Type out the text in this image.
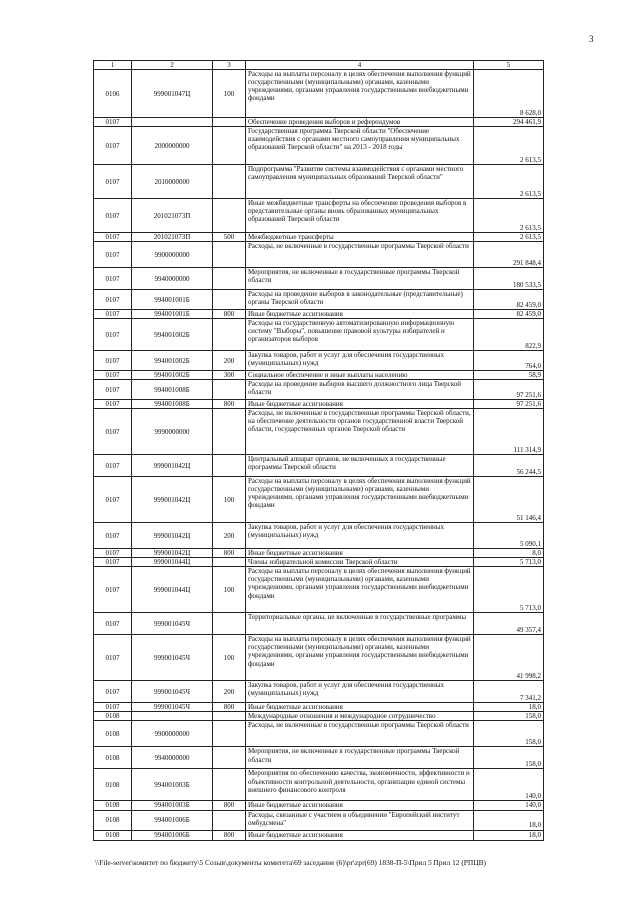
3
1	2	3	4	5
0106	999001047Ц	100	Расходы на выплаты персоналу в целях обеспечения выполнения функций государственными (муниципальными) органами, казенными учреждениями, органами управления государственными внебюджетными фондами	8 628,0
0107			Обеспечение проведения выборов и референдумов	294 461,9
0107	2000000000		Государственная программа Тверской области "Обеспечение взаимодействия с органами местного самоуправления муниципальных образований Тверской области" на 2013 - 2018 годы	2 613,5
0107	2010000000		Подпрограмма "Развитие системы взаимодействия с органами местного самоуправления муниципальных образований Тверской области"	2 613,5
0107	201021073П		Иные межбюджетные трансферты на обеспечение проведения выборов в представительные органы вновь образованных муниципальных образований Тверской области	2 613,5
0107	201021073П	500	Межбюджетные трансферты	2 613,5
0107	9900000000		Расходы, не включенные в государственные программы Тверской области	291 848,4
0107	9940000000		Мероприятия, не включенные в государственные программы Тверской области	180 533,5
0107	994001001Б		Расходы на проведение выборов в законодательные (представительные) органы Тверской области	82 459,0
0107	994001001Б	800	Иные бюджетные ассигнования	82 459,0
0107	994001002Б		Расходы на государственную автоматизированную информационную систему "Выборы", повышение правовой культуры избирателей и организаторов выборов	822,9
0107	994001002Б	200	Закупка товаров, работ и услуг для обеспечения государственных (муниципальных) нужд	764,0
0107	994001002Б	300	Социальное обеспечение и иные выплаты населению	58,9
0107	994001008Б		Расходы на проведение выборов высшего должностного лица Тверской области	97 251,6
0107	994001008Б	800	Иные бюджетные ассигнования	97 251,6
0107	9990000000		Расходы, не включенные в государственные программы Тверской области, на обеспечение деятельности органов государственной власти Тверской области, государственных органов Тверской области	111 314,9
0107	999001042Ц		Центральный аппарат органов, не включенных в государственные программы Тверской области	56 244,5
0107	999001042Ц	100	Расходы на выплаты персоналу в целях обеспечения выполнения функций государственными (муниципальными) органами, казенными учреждениями, органами управления государственными внебюджетными фондами	51 146,4
0107	999001042Ц	200	Закупка товаров, работ и услуг для обеспечения государственных (муниципальных) нужд	5 090,1
0107	999001042Ц	800	Иные бюджетные ассигнования	8,0
0107	999001044Ц		Члены избирательной комиссии Тверской области	5 713,0
0107	999001044Ц	100	Расходы на выплаты персоналу в целях обеспечения выполнения функций государственными (муниципальными) органами, казенными учреждениями, органами управления государственными внебюджетными фондами	5 713,0
0107	999001045Ч		Территориальные органы, не включенные в государственные программы	49 357,4
0107	999001045Ч	100	Расходы на выплаты персоналу в целях обеспечения выполнения функций государственными (муниципальными) органами, казенными учреждениями, органами управления государственными внебюджетными фондами	41 998,2
0107	999001045Ч	200	Закупка товаров, работ и услуг для обеспечения государственных (муниципальных) нужд	7 341,2
0107	999001045Ч	800	Иные бюджетные ассигнования	18,0
0108			Международные отношения и международное сотрудничество	158,0
0108	9900000000		Расходы, не включенные в государственные программы Тверской области	158,0
0108	9940000000		Мероприятия, не включенные в государственные программы Тверской области	158,0
0108	994001003Б		Мероприятия по обеспечению качества, экономичности, эффективности и объективности контрольной деятельности, организации единой системы внешнего финансового контроля	140,0
0108	994001003Б	800	Иные бюджетные ассигнования	140,0
0108	994001006Б		Расходы, связанные с участием в объединении "Европейский институт омбудсмена"	18,0
0108	994001006Б	800	Иные бюджетные ассигнования	18,0
\\File-server\комитет по бюджету\5 Созыв\документы комитета\69 заседание (6)\pr\zpr(69) 1838-П-5\Прил 5 Прил 12 (РПЦВ)
